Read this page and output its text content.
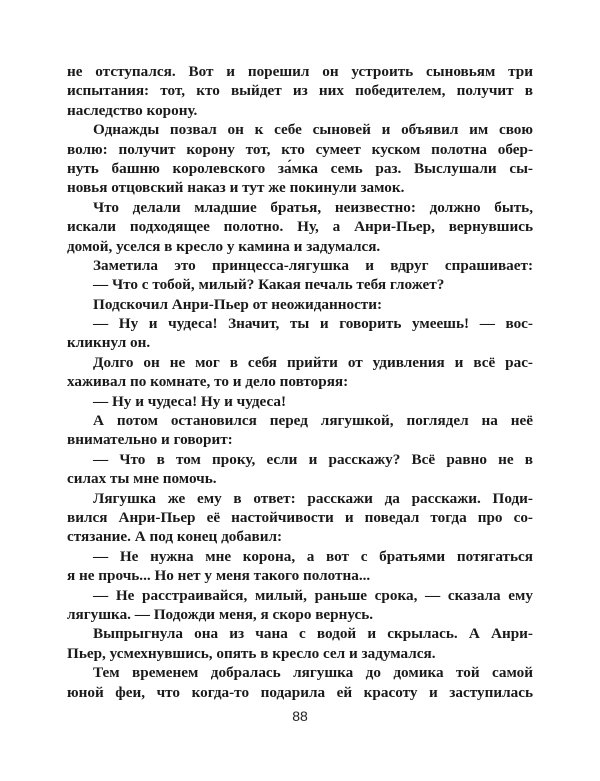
не отступался. Вот и порешил он устроить сыновьям три
испытания: тот, кто выйдет из них победителем, получит в
наследство корону.
Однажды позвал он к себе сыновей и объявил им свою
волю: получит корону тот, кто сумеет куском полотна обер-
нуть башню королевского за́мка семь раз. Выслушали сы-
новья отцовский наказ и тут же покинули замок.
Что делали младшие братья, неизвестно: должно быть,
искали подходящее полотно. Ну, а Анри-Пьер, вернувшись
домой, уселся в кресло у камина и задумался.
Заметила это принцесса-лягушка и вдруг спрашивает:
— Что с тобой, милый? Какая печаль тебя гложет?
Подскочил Анри-Пьер от неожиданности:
— Ну и чудеса! Значит, ты и говорить умеешь! — вос-
кликнул он.
Долго он не мог в себя прийти от удивления и всё рас-
хаживал по комнате, то и дело повторяя:
— Ну и чудеса! Ну и чудеса!
А потом остановился перед лягушкой, поглядел на неё
внимательно и говорит:
— Что в том проку, если и расскажу? Всё равно не в
силах ты мне помочь.
Лягушка же ему в ответ: расскажи да расскажи. Поди-
вился Анри-Пьер её настойчивости и поведал тогда про со-
стязание. А под конец добавил:
— Не нужна мне корона, а вот с братьями потягаться
я не прочь... Но нет у меня такого полотна...
— Не расстраивайся, милый, раньше срока, — сказала ему
лягушка. — Подожди меня, я скоро вернусь.
Выпрыгнула она из чана с водой и скрылась. А Анри-
Пьер, усмехнувшись, опять в кресло сел и задумался.
Тем временем добралась лягушка до домика той самой
юной феи, что когда-то подарила ей красоту и заступилась
88
